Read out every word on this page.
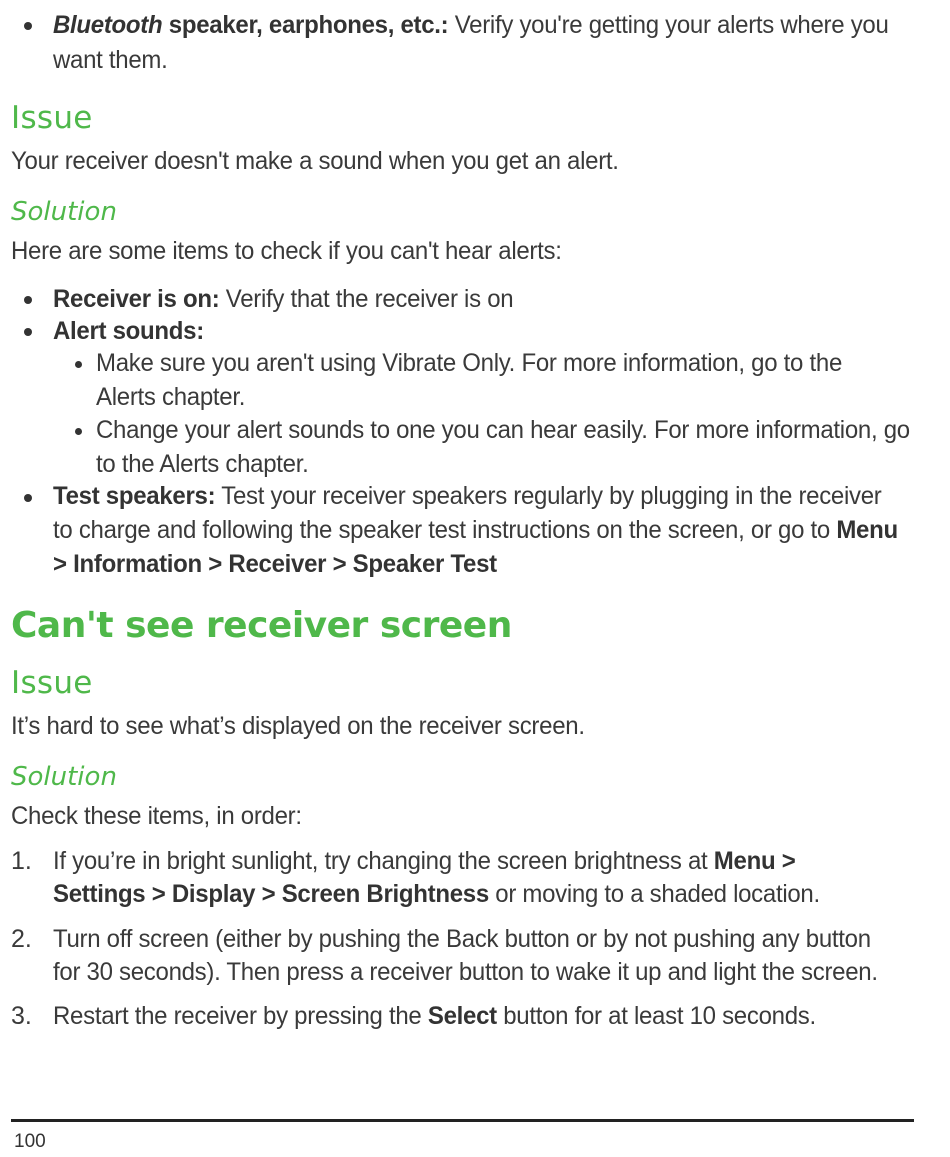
Bluetooth speaker, earphones, etc.: Verify you're getting your alerts where you
want them.
Issue
Your receiver doesn't make a sound when you get an alert.
Solution
Here are some items to check if you can't hear alerts:
Receiver is on: Verify that the receiver is on
Alert sounds:
Make sure you aren't using Vibrate Only. For more information, go to the
Alerts chapter.
Change your alert sounds to one you can hear easily. For more information, go
to the Alerts chapter.
Test speakers: Test your receiver speakers regularly by plugging in the receiver
to charge and following the speaker test instructions on the screen, or go to Menu
> Information > Receiver > Speaker Test
Can't see receiver screen
Issue
It’s hard to see what’s displayed on the receiver screen.
Solution
Check these items, in order:
1. If you’re in bright sunlight, try changing the screen brightness at Menu >
Settings > Display > Screen Brightness or moving to a shaded location.
2. Turn off screen (either by pushing the Back button or by not pushing any button
for 30 seconds). Then press a receiver button to wake it up and light the screen.
3. Restart the receiver by pressing the Select button for at least 10 seconds.
100
